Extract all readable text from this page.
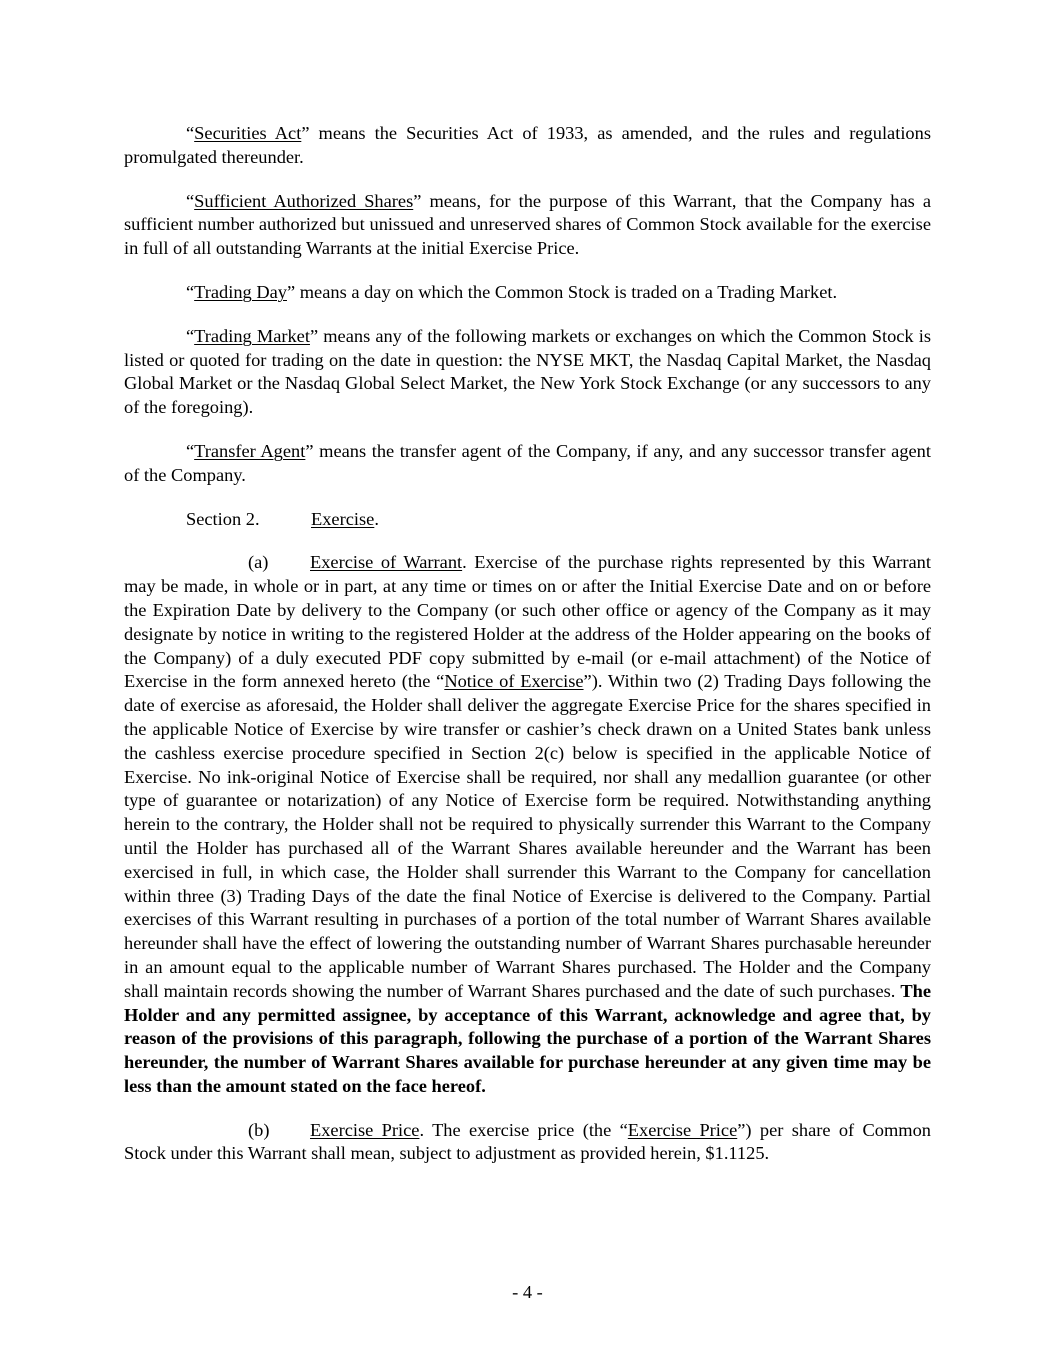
“Securities Act” means the Securities Act of 1933, as amended, and the rules and regulations promulgated thereunder.

“Sufficient Authorized Shares” means, for the purpose of this Warrant, that the Company has a sufficient number authorized but unissued and unreserved shares of Common Stock available for the exercise in full of all outstanding Warrants at the initial Exercise Price.

“Trading Day” means a day on which the Common Stock is traded on a Trading Market.

“Trading Market” means any of the following markets or exchanges on which the Common Stock is listed or quoted for trading on the date in question: the NYSE MKT, the Nasdaq Capital Market, the Nasdaq Global Market or the Nasdaq Global Select Market, the New York Stock Exchange (or any successors to any of the foregoing).

“Transfer Agent” means the transfer agent of the Company, if any, and any successor transfer agent of the Company.

Section 2.	Exercise.

(a) Exercise of Warrant. Exercise of the purchase rights represented by this Warrant may be made, in whole or in part, at any time or times on or after the Initial Exercise Date and on or before the Expiration Date by delivery to the Company (or such other office or agency of the Company as it may designate by notice in writing to the registered Holder at the address of the Holder appearing on the books of the Company) of a duly executed PDF copy submitted by e-mail (or e-mail attachment) of the Notice of Exercise in the form annexed hereto (the “Notice of Exercise”). Within two (2) Trading Days following the date of exercise as aforesaid, the Holder shall deliver the aggregate Exercise Price for the shares specified in the applicable Notice of Exercise by wire transfer or cashier’s check drawn on a United States bank unless the cashless exercise procedure specified in Section 2(c) below is specified in the applicable Notice of Exercise. No ink-original Notice of Exercise shall be required, nor shall any medallion guarantee (or other type of guarantee or notarization) of any Notice of Exercise form be required. Notwithstanding anything herein to the contrary, the Holder shall not be required to physically surrender this Warrant to the Company until the Holder has purchased all of the Warrant Shares available hereunder and the Warrant has been exercised in full, in which case, the Holder shall surrender this Warrant to the Company for cancellation within three (3) Trading Days of the date the final Notice of Exercise is delivered to the Company. Partial exercises of this Warrant resulting in purchases of a portion of the total number of Warrant Shares available hereunder shall have the effect of lowering the outstanding number of Warrant Shares purchasable hereunder in an amount equal to the applicable number of Warrant Shares purchased. The Holder and the Company shall maintain records showing the number of Warrant Shares purchased and the date of such purchases. The Holder and any permitted assignee, by acceptance of this Warrant, acknowledge and agree that, by reason of the provisions of this paragraph, following the purchase of a portion of the Warrant Shares hereunder, the number of Warrant Shares available for purchase hereunder at any given time may be less than the amount stated on the face hereof.

(b) Exercise Price. The exercise price (the “Exercise Price”) per share of Common Stock under this Warrant shall mean, subject to adjustment as provided herein, $1.1125.

- 4 -
